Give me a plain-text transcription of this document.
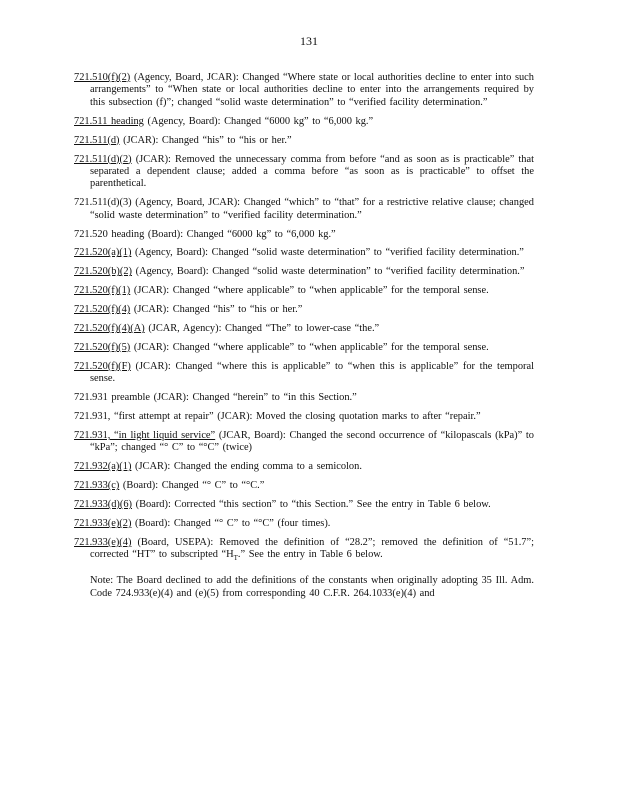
131

721.510(f)(2) (Agency, Board, JCAR): Changed “Where state or local authorities decline to enter into such arrangements” to “When state or local authorities decline to enter into the arrangements required by this subsection (f)”; changed “solid waste determination” to “verified facility determination.”

721.511 heading (Agency, Board): Changed “6000 kg” to “6,000 kg.”

721.511(d) (JCAR): Changed “his” to “his or her.”

721.511(d)(2) (JCAR): Removed the unnecessary comma from before “and as soon as is practicable” that separated a dependent clause; added a comma before “as soon as is practicable” to offset the parenthetical.

721.511(d)(3) (Agency, Board, JCAR): Changed “which” to “that” for a restrictive relative clause; changed “solid waste determination” to “verified facility determination.”

721.520 heading (Board): Changed “6000 kg” to “6,000 kg.”

721.520(a)(1) (Agency, Board): Changed “solid waste determination” to “verified facility determination.”

721.520(b)(2) (Agency, Board): Changed “solid waste determination” to “verified facility determination.”

721.520(f)(1) (JCAR): Changed “where applicable” to “when applicable” for the temporal sense.

721.520(f)(4) (JCAR): Changed “his” to “his or her.”

721.520(f)(4)(A) (JCAR, Agency): Changed “The” to lower-case “the.”

721.520(f)(5) (JCAR): Changed “where applicable” to “when applicable” for the temporal sense.

721.520(f)(F) (JCAR): Changed “where this is applicable” to “when this is applicable” for the temporal sense.

721.931 preamble (JCAR): Changed “herein” to “in this Section.”

721.931, “first attempt at repair” (JCAR): Moved the closing quotation marks to after “repair.”

721.931, “in light liquid service” (JCAR, Board): Changed the second occurrence of “kilopascals (kPa)” to “kPa”; changed “° C” to “°C” (twice)

721.932(a)(1) (JCAR): Changed the ending comma to a semicolon.

721.933(c) (Board): Changed “° C” to “°C.”

721.933(d)(6) (Board): Corrected “this section” to “this Section.” See the entry in Table 6 below.

721.933(e)(2) (Board): Changed “° C” to “°C” (four times).

721.933(e)(4) (Board, USEPA): Removed the definition of “28.2”; removed the definition of “51.7”; corrected “HT” to subscripted “$H_T$.” See the entry in Table 6 below.

Note: The Board declined to add the definitions of the constants when originally adopting 35 Ill. Adm. Code 724.933(e)(4) and (e)(5) from corresponding 40 C.F.R. 264.1033(e)(4) and
